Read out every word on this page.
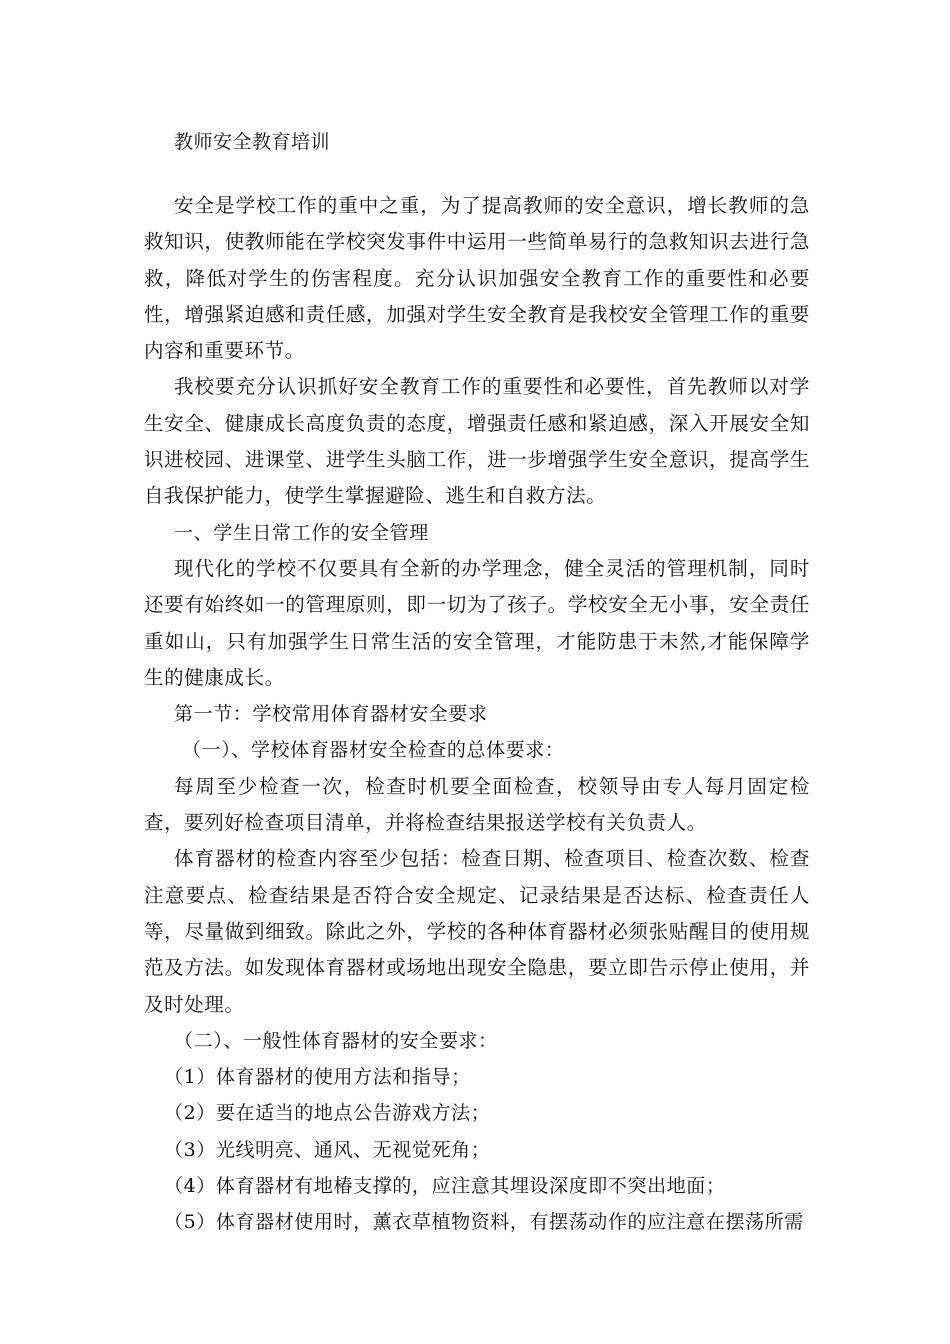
教师安全教育培训

安全是学校工作的重中之重，为了提高教师的安全意识，增长教师的急救知识，使教师能在学校突发事件中运用一些简单易行的急救知识去进行急救，降低对学生的伤害程度。充分认识加强安全教育工作的重要性和必要性，增强紧迫感和责任感，加强对学生安全教育是我校安全管理工作的重要内容和重要环节。

我校要充分认识抓好安全教育工作的重要性和必要性，首先教师以对学生安全、健康成长高度负责的态度，增强责任感和紧迫感，深入开展安全知识进校园、进课堂、进学生头脑工作，进一步增强学生安全意识，提高学生自我保护能力，使学生掌握避险、逃生和自救方法。

一、学生日常工作的安全管理

现代化的学校不仅要具有全新的办学理念，健全灵活的管理机制，同时还要有始终如一的管理原则，即一切为了孩子。学校安全无小事，安全责任重如山，只有加强学生日常生活的安全管理，才能防患于未然,才能保障学生的健康成长。

第一节：学校常用体育器材安全要求

（一）、学校体育器材安全检查的总体要求：

每周至少检查一次，检查时机要全面检查，校领导由专人每月固定检查，要列好检查项目清单，并将检查结果报送学校有关负责人。

体育器材的检查内容至少包括：检查日期、检查项目、检查次数、检查注意要点、检查结果是否符合安全规定、记录结果是否达标、检查责任人等，尽量做到细致。除此之外，学校的各种体育器材必须张贴醒目的使用规范及方法。如发现体育器材或场地出现安全隐患，要立即告示停止使用，并及时处理。

（二）、一般性体育器材的安全要求：

（1）体育器材的使用方法和指导；

（2）要在适当的地点公告游戏方法；

（3）光线明亮、通风、无视觉死角；

（4）体育器材有地椿支撑的，应注意其埋设深度即不突出地面；

（5）体育器材使用时，薰衣草植物资料，有摆荡动作的应注意在摆荡所需
